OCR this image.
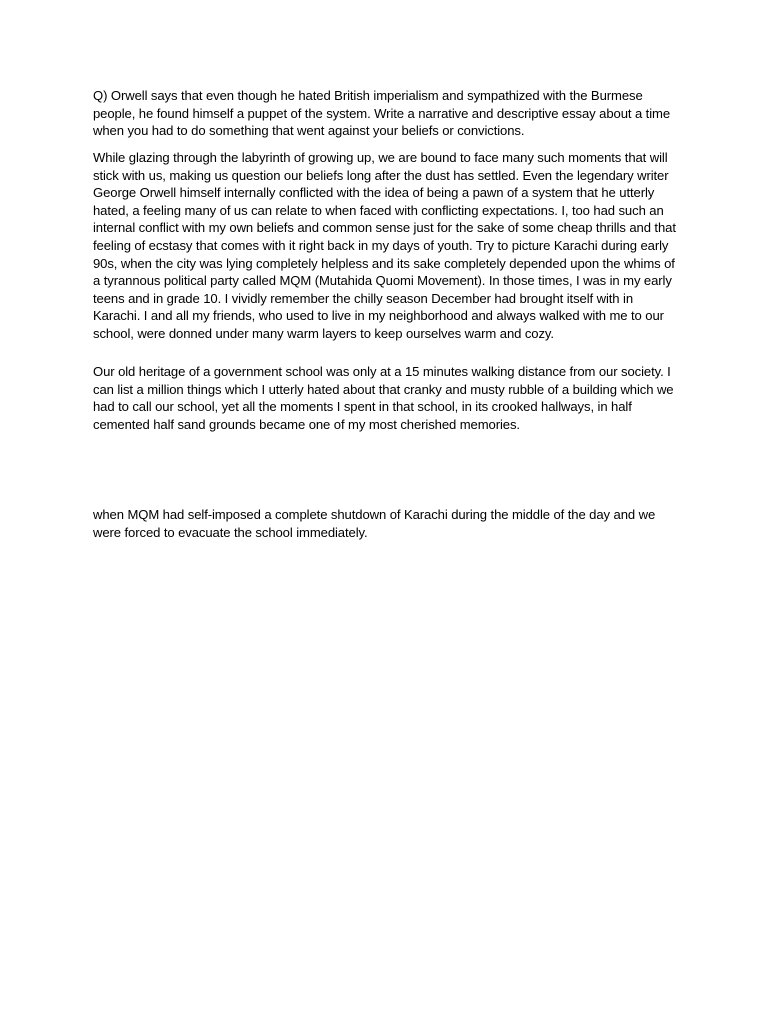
Q) Orwell says that even though he hated British imperialism and sympathized with the Burmese people, he found himself a puppet of the system. Write a narrative and descriptive essay about a time when you had to do something that went against your beliefs or convictions.

While glazing through the labyrinth of growing up, we are bound to face many such moments that will stick with us, making us question our beliefs long after the dust has settled. Even the legendary writer George Orwell himself internally conflicted with the idea of being a pawn of a system that he utterly hated, a feeling many of us can relate to when faced with conflicting expectations. I, too had such an internal conflict with my own beliefs and common sense just for the sake of some cheap thrills and that feeling of ecstasy that comes with it right back in my days of youth. Try to picture Karachi during early 90s, when the city was lying completely helpless and its sake completely depended upon the whims of a tyrannous political party called MQM (Mutahida Quomi Movement). In those times, I was in my early teens and in grade 10. I vividly remember the chilly season December had brought itself with in Karachi. I and all my friends, who used to live in my neighborhood and always walked with me to our school, were donned under many warm layers to keep ourselves warm and cozy.

Our old heritage of a government school was only at a 15 minutes walking distance from our society. I can list a million things which I utterly hated about that cranky and musty rubble of a building which we had to call our school, yet all the moments I spent in that school, in its crooked hallways, in half cemented half sand grounds became one of my most cherished memories.

when MQM had self-imposed a complete shutdown of Karachi during the middle of the day and we were forced to evacuate the school immediately.
